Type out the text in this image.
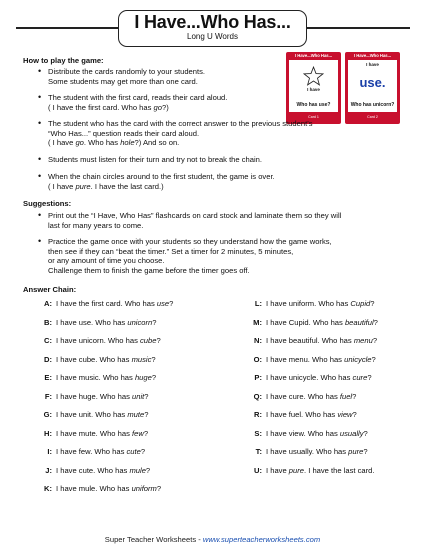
I Have...Who Has...
Long U Words
I Have...Who Has...
I have
Who has use?
Card 1
I Have...Who Has...
I have
use.
Who has unicorn?
Card 2
How to play the game:
• Distribute the cards randomly to your students.
Some students may get more than one card.
• The student with the first card, reads their card aloud.
( I have the first card. Who has go?)
• The student who has the card with the correct answer to the previous student’s
“Who Has...” question reads their card aloud.
( I have go. Who has hole?) And so on.
• Students must listen for their turn and try not to break the chain.
• When the chain circles around to the first student, the game is over.
( I have pure. I have the last card.)
Suggestions:
• Print out the “I Have, Who Has” flashcards on card stock and laminate them so they will
last for many years to come.
• Practice the game once with your students so they understand how the game works,
then see if they can “beat the timer.” Set a timer for 2 minutes, 5 minutes,
or any amount of time you choose.
Challenge them to finish the game before the timer goes off.
Answer Chain:
A: I have the first card. Who has use?
B: I have use. Who has unicorn?
C: I have unicorn. Who has cube?
D: I have cube. Who has music?
E: I have music. Who has huge?
F: I have huge. Who has unit?
G: I have unit. Who has mute?
H: I have mute. Who has few?
I: I have few. Who has cute?
J: I have cute. Who has mule?
K: I have mule. Who has uniform?
L: I have uniform. Who has Cupid?
M: I have Cupid. Who has beautiful?
N: I have beautiful. Who has menu?
O: I have menu. Who has unicycle?
P: I have unicycle. Who has cure?
Q: I have cure. Who has fuel?
R: I have fuel. Who has view?
S: I have view. Who has usually?
T: I have usually. Who has pure?
U: I have pure. I have the last card.
Super Teacher Worksheets - www.superteacherworksheets.com
